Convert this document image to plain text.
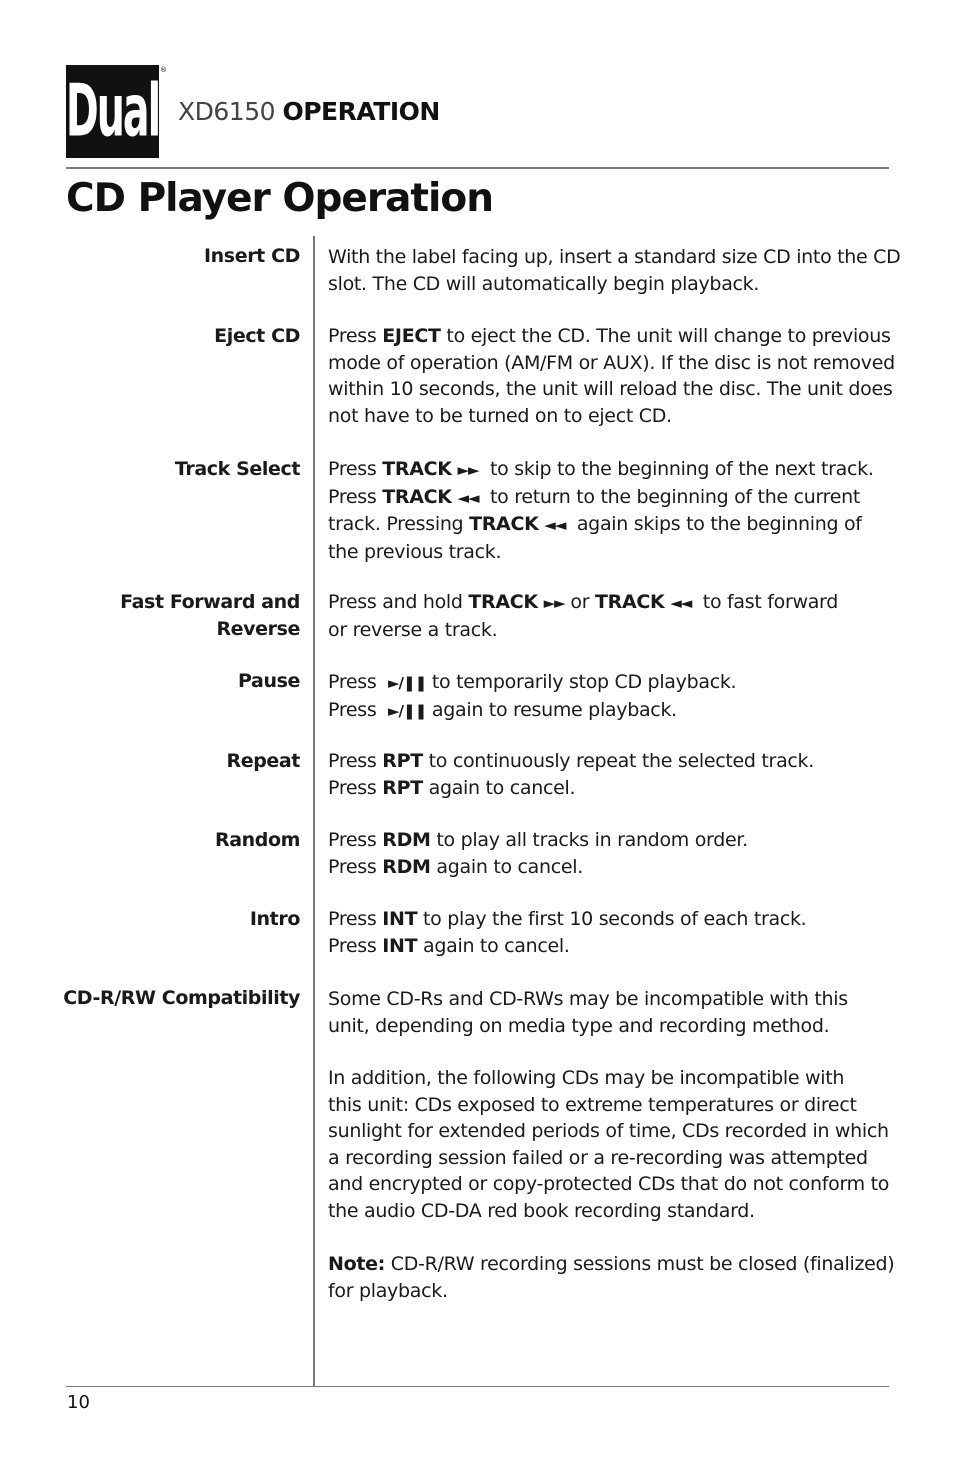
Dual ®
XD6150 OPERATION
CD Player Operation
Insert CD With the label facing up, insert a standard size CD into the CD
slot. The CD will automatically begin playback.
Eject CD Press EJECT to eject the CD. The unit will change to previous
mode of operation (AM/FM or AUX). If the disc is not removed
within 10 seconds, the unit will reload the disc. The unit does
not have to be turned on to eject CD.
Track Select Press TRACK ►► to skip to the beginning of the next track.
Press TRACK ◄◄ to return to the beginning of the current
track. Pressing TRACK ◄◄ again skips to the beginning of
the previous track.
Fast Forward and
Reverse
Press and hold TRACK ►► or TRACK ◄◄ to fast forward
or reverse a track.
Pause Press ►/❚❚ to temporarily stop CD playback.
Press ►/❚❚ again to resume playback.
Repeat Press RPT to continuously repeat the selected track.
Press RPT again to cancel.
Random Press RDM to play all tracks in random order.
Press RDM again to cancel.
Intro Press INT to play the first 10 seconds of each track.
Press INT again to cancel.
CD-R/RW Compatibility Some CD-Rs and CD-RWs may be incompatible with this
unit, depending on media type and recording method.
In addition, the following CDs may be incompatible with
this unit: CDs exposed to extreme temperatures or direct
sunlight for extended periods of time, CDs recorded in which
a recording session failed or a re-recording was attempted
and encrypted or copy-protected CDs that do not conform to
the audio CD-DA red book recording standard.
Note: CD-R/RW recording sessions must be closed (finalized)
for playback.
10
